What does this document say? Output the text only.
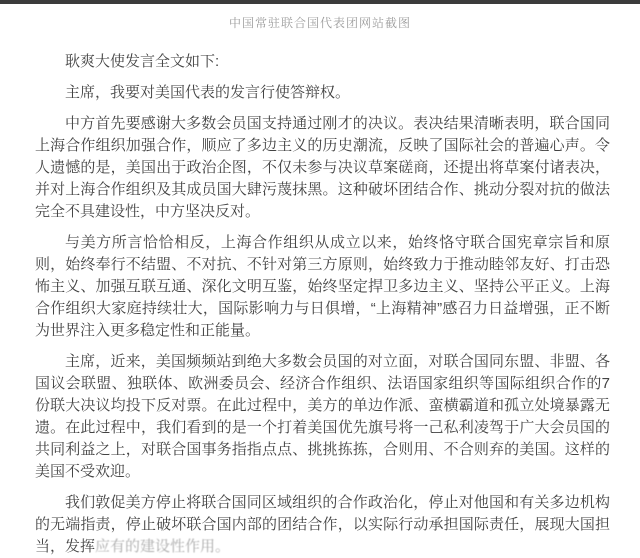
中国常驻联合国代表团网站截图

耿爽大使发言全文如下:

主席，我要对美国代表的发言行使答辩权。

中方首先要感谢大多数会员国支持通过刚才的决议。表决结果清晰表明，联合国同上海合作组织加强合作，顺应了多边主义的历史潮流，反映了国际社会的普遍心声。令人遗憾的是，美国出于政治企图，不仅未参与决议草案磋商，还提出将草案付诸表决，并对上海合作组织及其成员国大肆污蔑抹黑。这种破坏团结合作、挑动分裂对抗的做法完全不具建设性，中方坚决反对。

与美方所言恰恰相反，上海合作组织从成立以来，始终恪守联合国宪章宗旨和原则，始终奉行不结盟、不对抗、不针对第三方原则，始终致力于推动睦邻友好、打击恐怖主义、加强互联互通、深化文明互鉴，始终坚定捍卫多边主义、坚持公平正义。上海合作组织大家庭持续壮大，国际影响力与日俱增，“上海精神”感召力日益增强，正不断为世界注入更多稳定性和正能量。

主席，近来，美国频频站到绝大多数会员国的对立面，对联合国同东盟、非盟、各国议会联盟、独联体、欧洲委员会、经济合作组织、法语国家组织等国际组织合作的7份联大决议均投下反对票。在此过程中，美方的单边作派、蛮横霸道和孤立处境暴露无遗。在此过程中，我们看到的是一个打着美国优先旗号将一己私利凌驾于广大会员国的共同利益之上，对联合国事务指指点点、挑挑拣拣，合则用、不合则弃的美国。这样的美国不受欢迎。

我们敦促美方停止将联合国同区域组织的合作政治化，停止对他国和有关多边机构的无端指责，停止破坏联合国内部的团结合作，以实际行动承担国际责任，展现大国担当，发挥应有的建设性作用。
